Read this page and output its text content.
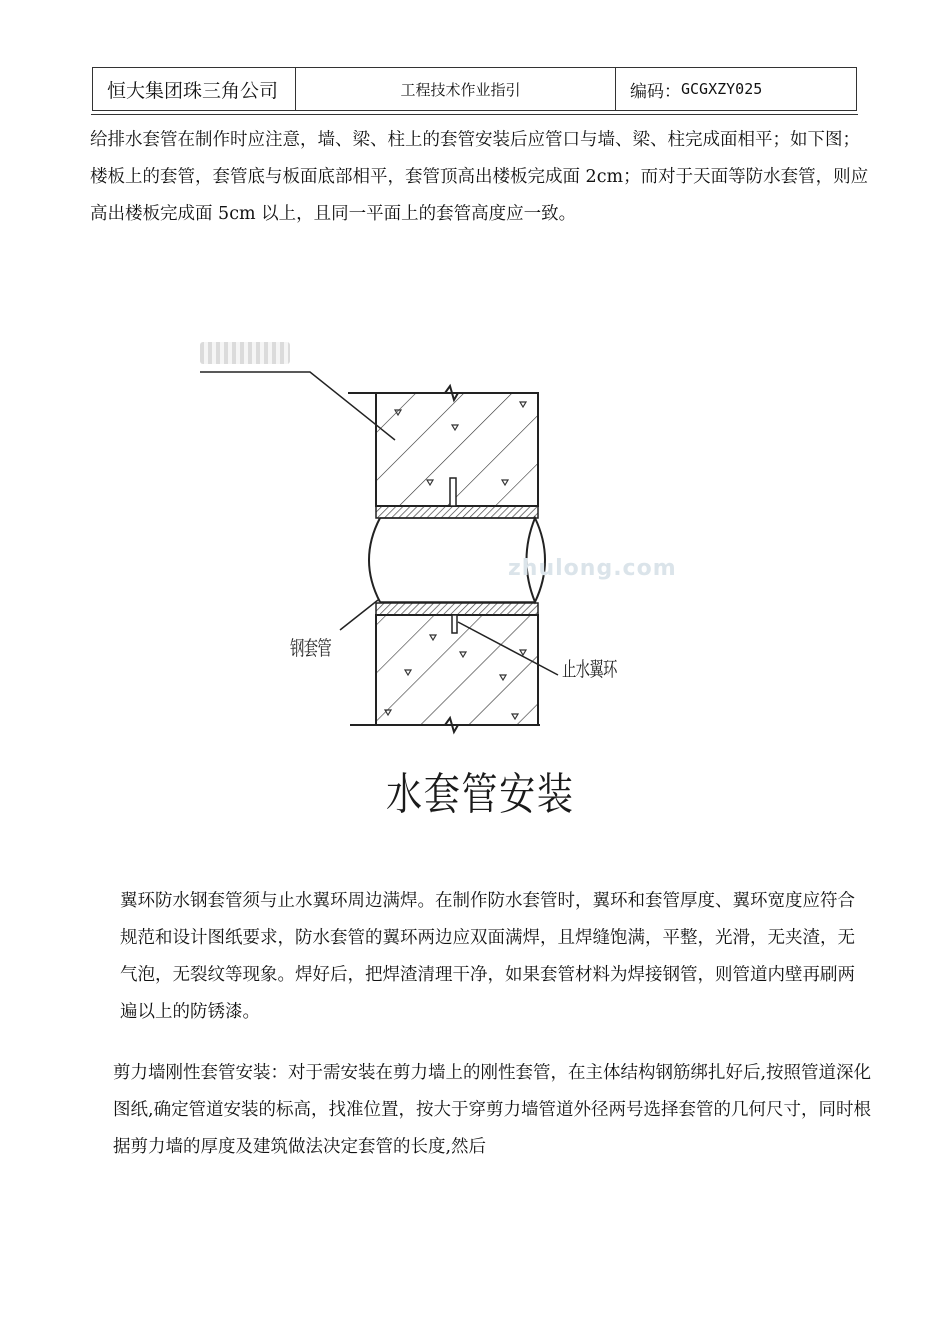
恒大集团珠三角公司	工程技术作业指引	编码： GCGXZY025

给排水套管在制作时应注意，墙、梁、柱上的套管安装后应管口与墙、梁、柱完成面相平；如下图；楼板上的套管，套管底与板面底部相平，套管顶高出楼板完成面 2cm；而对于天面等防水套管，则应高出楼板完成面 5cm 以上，且同一平面上的套管高度应一致。

zhulong.com
钢套管
止水翼环
水套管安装

翼环防水钢套管须与止水翼环周边满焊。在制作防水套管时，翼环和套管厚度、翼环宽度应符合规范和设计图纸要求，防水套管的翼环两边应双面满焊，且焊缝饱满，平整，光滑，无夹渣，无气泡，无裂纹等现象。焊好后，把焊渣清理干净，如果套管材料为焊接钢管，则管道内壁再刷两遍以上的防锈漆。

剪力墙刚性套管安装：对于需安装在剪力墙上的刚性套管，在主体结构钢筋绑扎好后,按照管道深化图纸,确定管道安装的标高，找准位置，按大于穿剪力墙管道外径两号选择套管的几何尺寸，同时根据剪力墙的厚度及建筑做法决定套管的长度,然后
